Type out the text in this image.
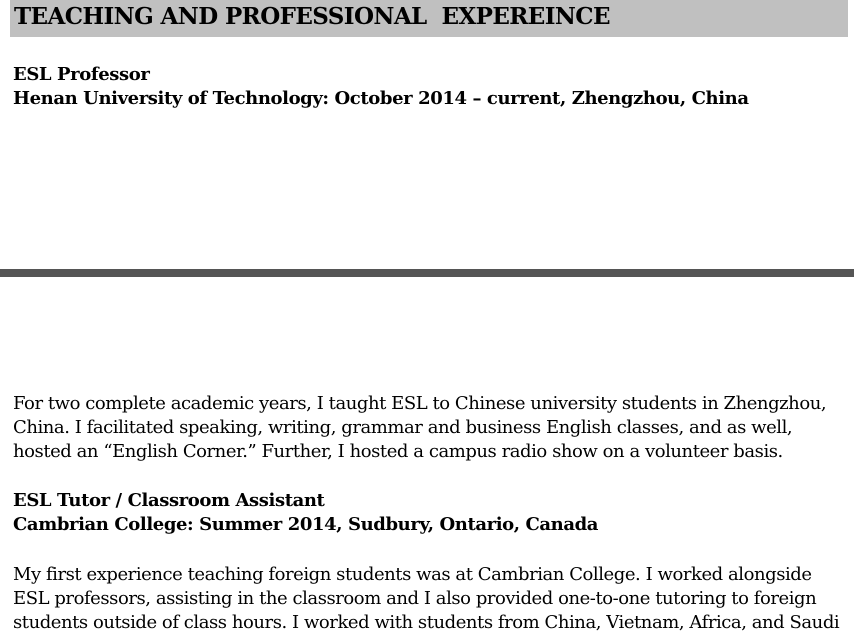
TEACHING AND PROFESSIONAL  EXPEREINCE
ESL Professor
Henan University of Technology: October 2014 – current, Zhengzhou, China
For two complete academic years, I taught ESL to Chinese university students in Zhengzhou,
China. I facilitated speaking, writing, grammar and business English classes, and as well,
hosted an “English Corner.” Further, I hosted a campus radio show on a volunteer basis.
ESL Tutor / Classroom Assistant
Cambrian College: Summer 2014, Sudbury, Ontario, Canada
My first experience teaching foreign students was at Cambrian College. I worked alongside
ESL professors, assisting in the classroom and I also provided one-to-one tutoring to foreign
students outside of class hours. I worked with students from China, Vietnam, Africa, and Saudi
